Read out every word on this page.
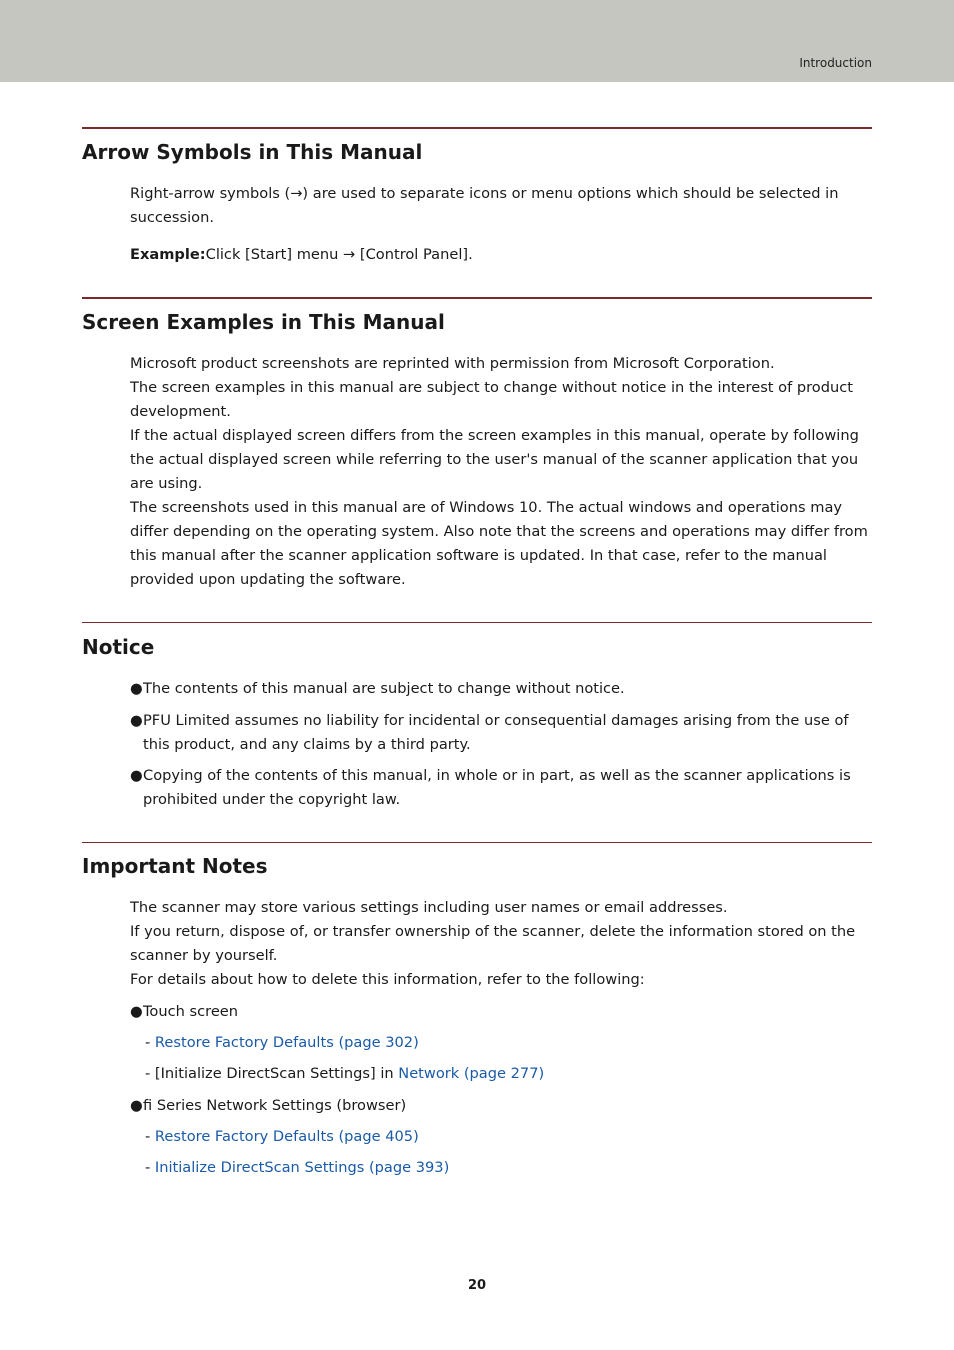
Introduction
Arrow Symbols in This Manual

Right-arrow symbols (→) are used to separate icons or menu options which should be selected in succession.

Example:Click [Start] menu → [Control Panel].

Screen Examples in This Manual
Microsoft product screenshots are reprinted with permission from Microsoft Corporation.
The screen examples in this manual are subject to change without notice in the interest of product development.
If the actual displayed screen differs from the screen examples in this manual, operate by following the actual displayed screen while referring to the user's manual of the scanner application that you are using.
The screenshots used in this manual are of Windows 10. The actual windows and operations may differ depending on the operating system. Also note that the screens and operations may differ from this manual after the scanner application software is updated. In that case, refer to the manual provided upon updating the software.
Notice
● The contents of this manual are subject to change without notice.
● PFU Limited assumes no liability for incidental or consequential damages arising from the use of this product, and any claims by a third party.
● Copying of the contents of this manual, in whole or in part, as well as the scanner applications is prohibited under the copyright law.
Important Notes
The scanner may store various settings including user names or email addresses.
If you return, dispose of, or transfer ownership of the scanner, delete the information stored on the scanner by yourself.
For details about how to delete this information, refer to the following:
● Touch screen

- Restore Factory Defaults (page 302)

- [Initialize DirectScan Settings] in Network (page 277)

● fi Series Network Settings (browser)

- Restore Factory Defaults (page 405)

- Initialize DirectScan Settings (page 393)

20
